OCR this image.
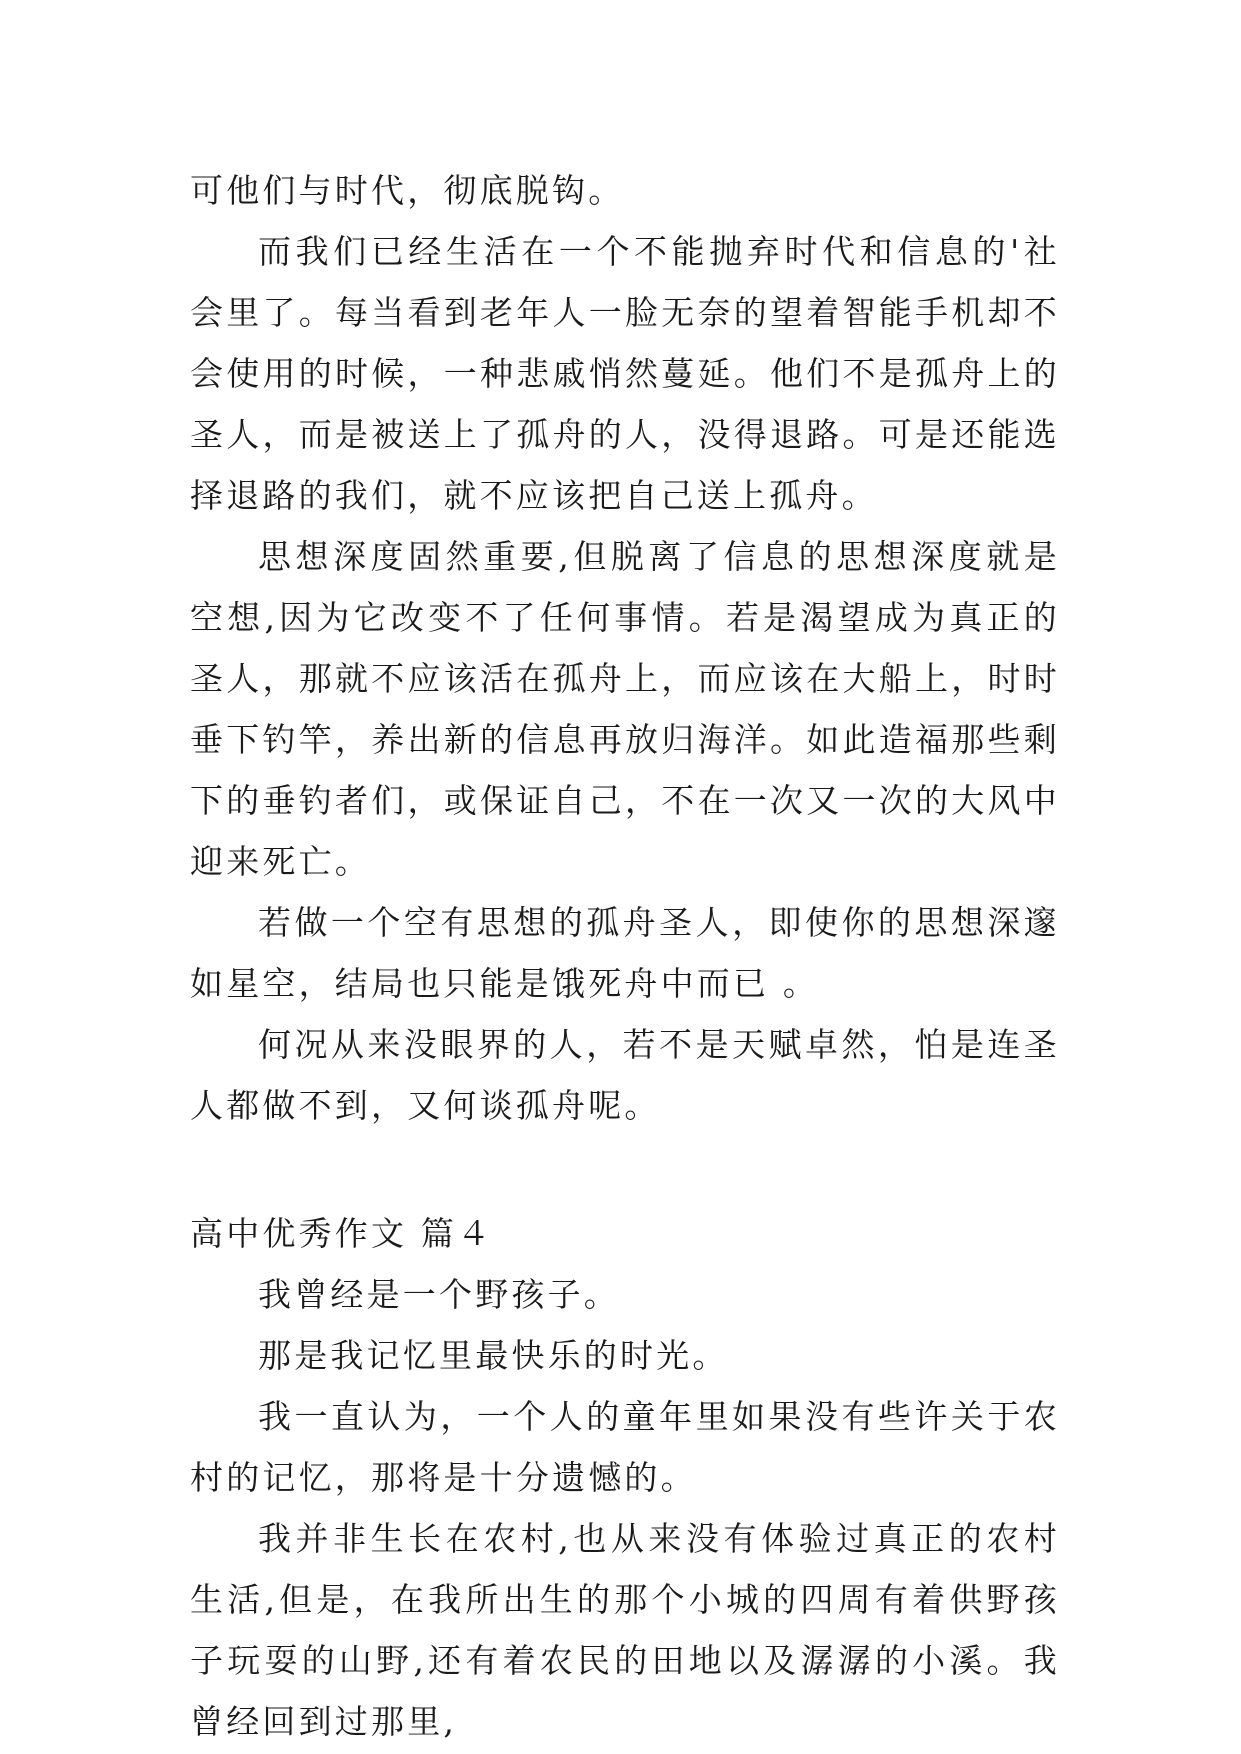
可他们与时代，彻底脱钩。

而我们已经生活在一个不能抛弃时代和信息的'社会里了。每当看到老年人一脸无奈的望着智能手机却不会使用的时候，一种悲戚悄然蔓延。他们不是孤舟上的圣人，而是被送上了孤舟的人，没得退路。可是还能选择退路的我们，就不应该把自己送上孤舟。

思想深度固然重要,但脱离了信息的思想深度就是空想,因为它改变不了任何事情。若是渴望成为真正的圣人，那就不应该活在孤舟上，而应该在大船上，时时垂下钓竿，养出新的信息再放归海洋。如此造福那些剩下的垂钓者们，或保证自己，不在一次又一次的大风中迎来死亡。

若做一个空有思想的孤舟圣人，即使你的思想深邃如星空，结局也只能是饿死舟中而已 。

何况从来没眼界的人，若不是天赋卓然，怕是连圣人都做不到，又何谈孤舟呢。

高中优秀作文 篇４

我曾经是一个野孩子。

那是我记忆里最快乐的时光。

我一直认为，一个人的童年里如果没有些许关于农村的记忆，那将是十分遗憾的。

我并非生长在农村,也从来没有体验过真正的农村生活,但是，在我所出生的那个小城的四周有着供野孩子玩耍的山野,还有着农民的田地以及潺潺的小溪。我曾经回到过那里,
